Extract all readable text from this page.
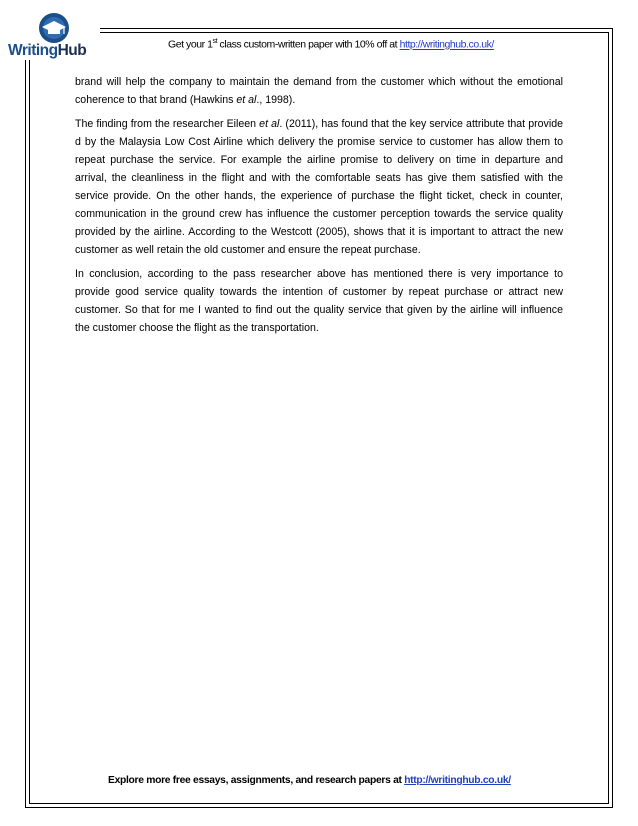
WritingHub	Get your 1st class custom-written paper with 10% off at http://writinghub.co.uk/

brand will help the company to maintain the demand from the customer which without the emotional coherence to that brand (Hawkins et al., 1998).

The finding from the researcher Eileen et al. (2011), has found that the key service attribute that provide d by the Malaysia Low Cost Airline which delivery the promise service to customer has allow them to repeat purchase the service. For example the airline promise to delivery on time in departure and arrival, the cleanliness in the flight and with the comfortable seats has give them satisfied with the service provide. On the other hands, the experience of purchase the flight ticket, check in counter, communication in the ground crew has influence the customer perception towards the service quality provided by the airline. According to the Westcott (2005), shows that it is important to attract the new customer as well retain the old customer and ensure the repeat purchase.

In conclusion, according to the pass researcher above has mentioned there is very importance to provide good service quality towards the intention of customer by repeat purchase or attract new customer. So that for me I wanted to find out the quality service that given by the airline will influence the customer choose the flight as the transportation.

Explore more free essays, assignments, and research papers at http://writinghub.co.uk/
